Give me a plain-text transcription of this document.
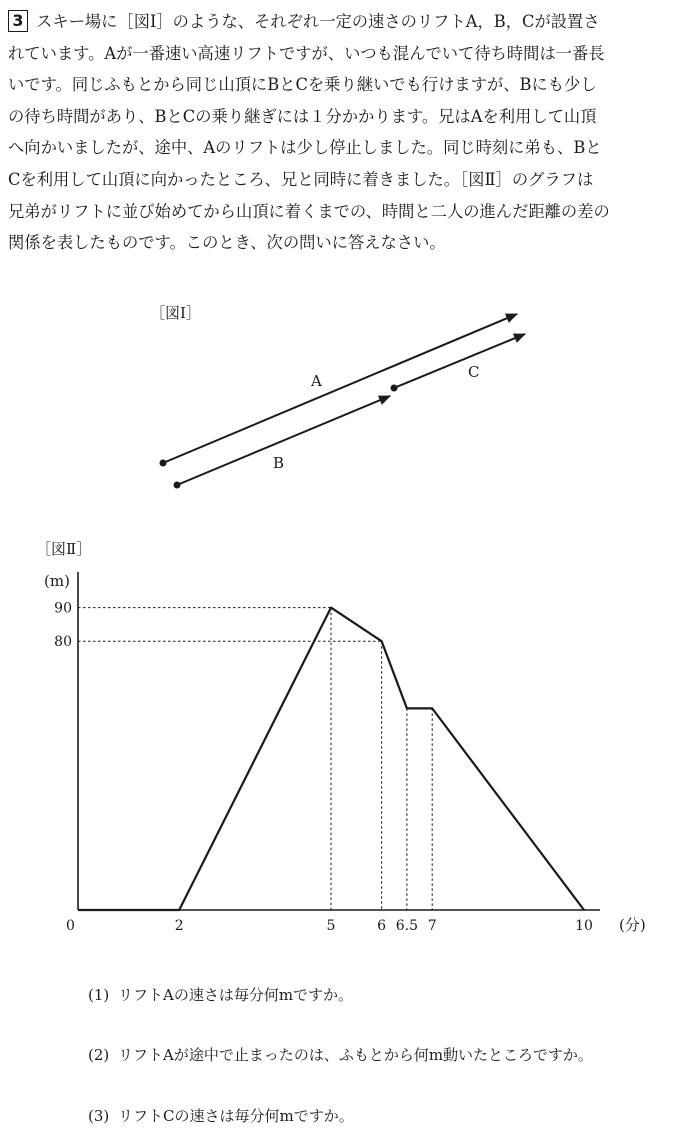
3 スキー場に［図Ⅰ］のような、それぞれ一定の速さのリフトA，B，Cが設置さ
れています。Aが一番速い高速リフトですが、いつも混んでいて待ち時間は一番長
いです。同じふもとから同じ山頂にBとCを乗り継いでも行けますが、Bにも少し
の待ち時間があり、BとCの乗り継ぎには１分かかります。兄はAを利用して山頂
へ向かいましたが、途中、Aのリフトは少し停止しました。同じ時刻に弟も、Bと
Cを利用して山頂に向かったところ、兄と同時に着きました。［図Ⅱ］のグラフは
兄弟がリフトに並び始めてから山頂に着くまでの、時間と二人の進んだ距離の差の
関係を表したものです。このとき、次の問いに答えなさい。
［図Ⅰ］
A
B
C
［図Ⅱ］
(m)
(分)
0	2	5	6 6.5 7	10
90
80
(1) リフトAの速さは毎分何mですか。
(2) リフトAが途中で止まったのは、ふもとから何m動いたところですか。
(3) リフトCの速さは毎分何mですか。
